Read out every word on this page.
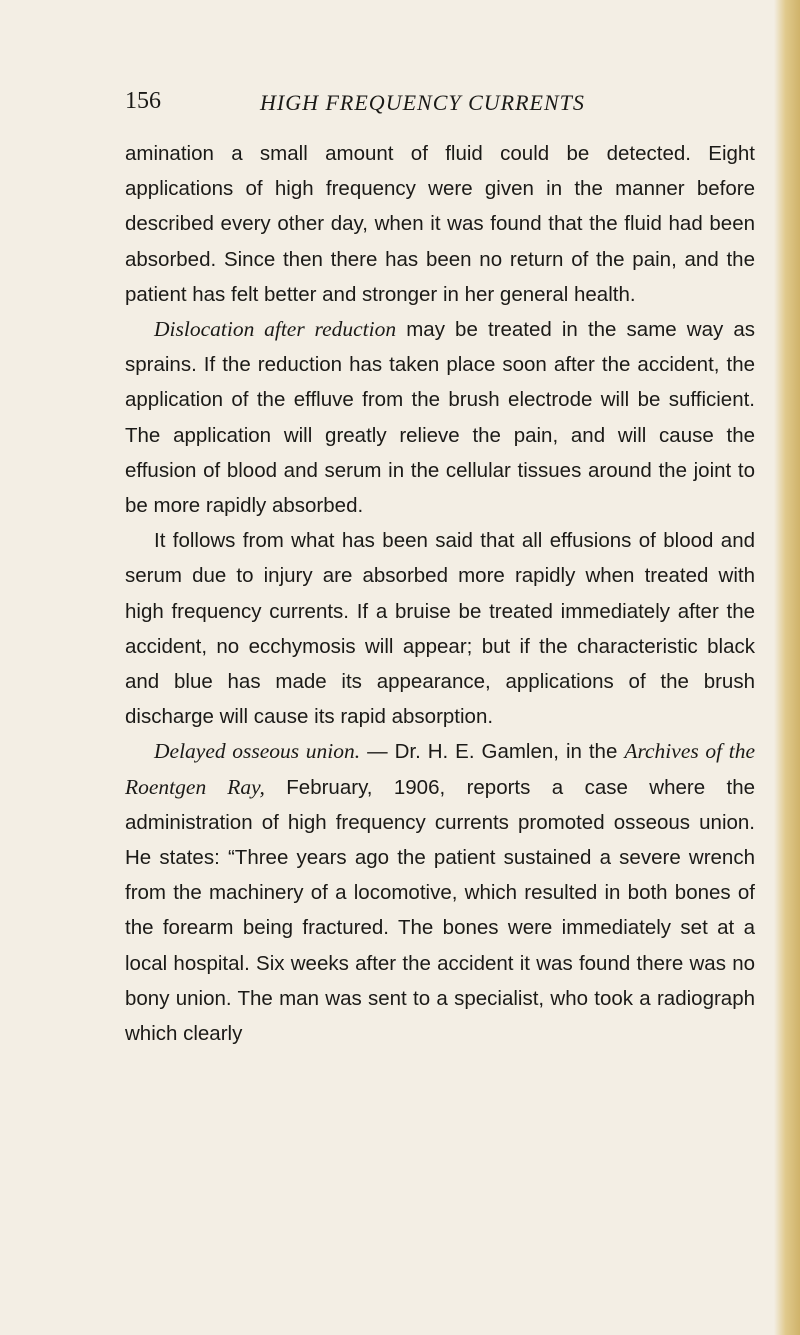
156	HIGH FREQUENCY CURRENTS

amination a small amount of fluid could be detected. Eight applications of high frequency were given in the manner before described every other day, when it was found that the fluid had been absorbed. Since then there has been no return of the pain, and the patient has felt better and stronger in her general health.

Dislocation after reduction may be treated in the same way as sprains. If the reduction has taken place soon after the accident, the application of the effluve from the brush electrode will be sufficient. The application will greatly relieve the pain, and will cause the effusion of blood and serum in the cellular tissues around the joint to be more rapidly absorbed.

It follows from what has been said that all effusions of blood and serum due to injury are absorbed more rapidly when treated with high frequency currents. If a bruise be treated immediately after the accident, no ecchymosis will appear; but if the characteristic black and blue has made its appearance, applications of the brush discharge will cause its rapid absorption.

Delayed osseous union. — Dr. H. E. Gamlen, in the Archives of the Roentgen Ray, February, 1906, reports a case where the administration of high frequency currents promoted osseous union. He states: “Three years ago the patient sustained a severe wrench from the machinery of a locomotive, which resulted in both bones of the forearm being fractured. The bones were immediately set at a local hospital. Six weeks after the accident it was found there was no bony union. The man was sent to a specialist, who took a radiograph which clearly
